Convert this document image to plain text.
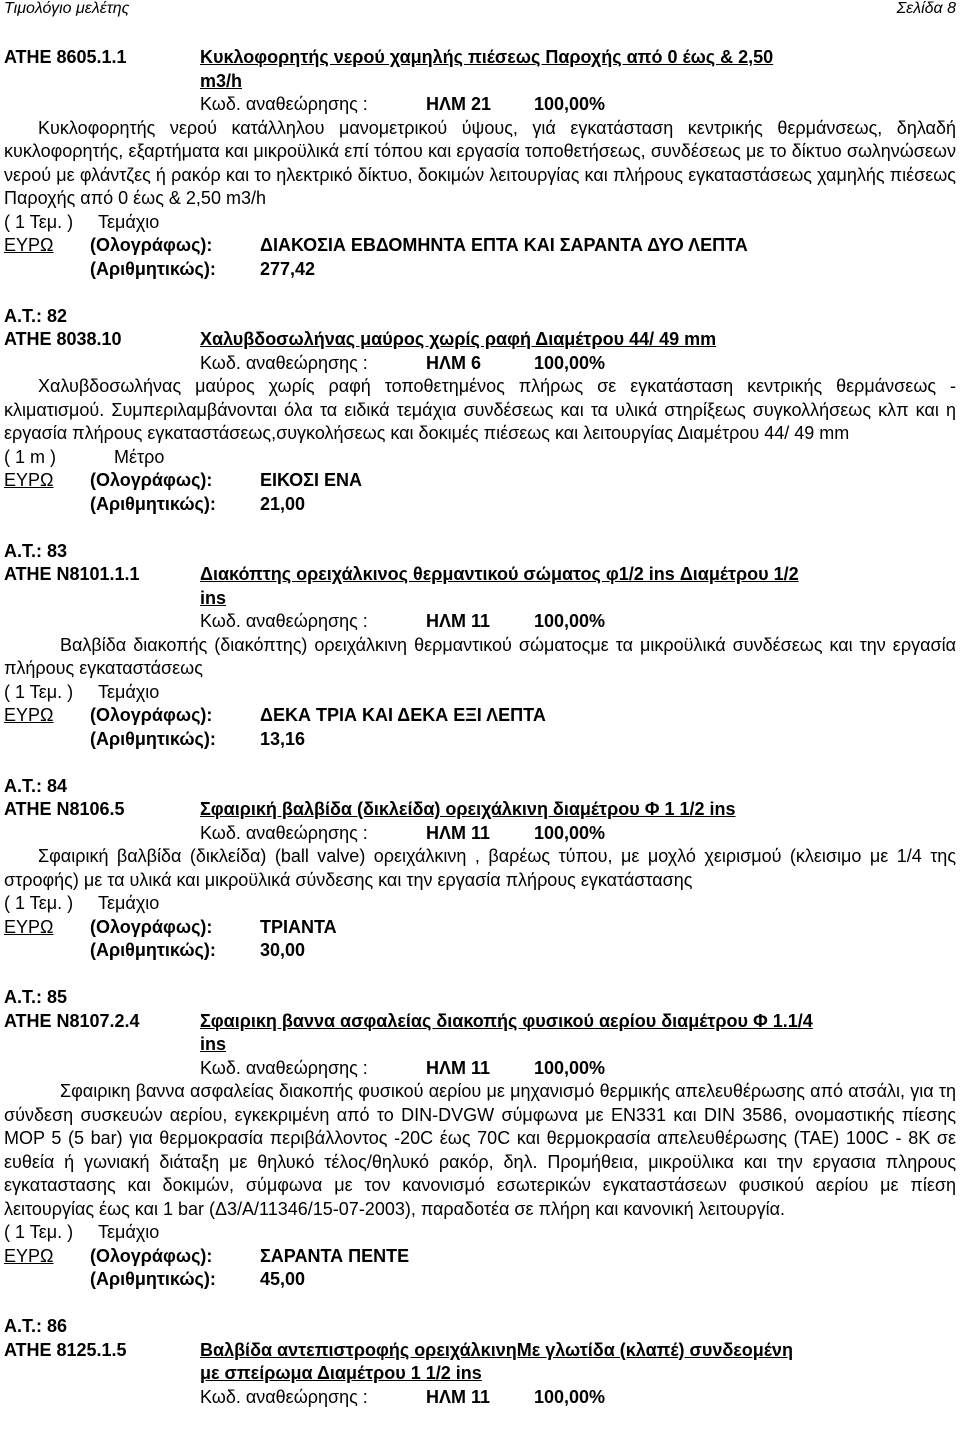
Τιμολόγιο μελέτης	Σελίδα 8
ΑΤΗΕ 8605.1.1	Κυκλοφορητής νερού χαμηλής πιέσεως Παροχής από 0 έως & 2,50
m3/h
Κωδ. αναθεώρησης :	ΗΛΜ 21 100,00%
Κυκλοφορητής νερού κατάλληλου μανομετρικού ύψους, γιά εγκατάσταση κεντρικής θερμάνσεως, δηλαδή κυκλοφορητής, εξαρτήματα και μικροϋλικά επί τόπου και εργασία τοποθετήσεως, συνδέσεως με το δίκτυο σωληνώσεων νερού με φλάντζες ή ρακόρ και το ηλεκτρικό δίκτυο, δοκιμών λειτουργίας και πλήρους εγκαταστάσεως χαμηλής πιέσεως Παροχής από 0 έως & 2,50 m3/h
( 1 Τεμ. ) Τεμάχιο
ΕΥΡΩ (Ολογράφως):	ΔΙΑΚΟΣΙΑ ΕΒΔΟΜΗΝΤΑ ΕΠΤΑ ΚΑΙ ΣΑΡΑΝΤΑ ΔΥΟ ΛΕΠΤΑ
(Αριθμητικώς): 277,42
Α.Τ.: 82
ΑΤΗΕ 8038.10	Χαλυβδοσωλήνας μαύρος χωρίς ραφή Διαμέτρου 44/ 49 mm
Κωδ. αναθεώρησης :	ΗΛΜ 6	100,00%
Χαλυβδοσωλήνας μαύρος χωρίς ραφή τοποθετημένος πλήρως σε εγκατάσταση κεντρικής θερμάνσεως - κλιματισμού. Συμπεριλαμβάνονται όλα τα ειδικά τεμάχια συνδέσεως και τα υλικά στηρίξεως συγκολλήσεως κλπ και η εργασία πλήρους εγκαταστάσεως,συγκολήσεως και δοκιμές πιέσεως και λειτουργίας Διαμέτρου 44/ 49 mm
( 1 m )	Μέτρο
ΕΥΡΩ (Ολογράφως):	ΕΙΚΟΣΙ ΕΝΑ
(Αριθμητικώς): 21,00
Α.Τ.: 83
ΑΤΗΕ Ν8101.1.1	Διακόπτης ορειχάλκινος θερμαντικού σώματος φ1/2 ins Διαμέτρου 1/2
ins
Κωδ. αναθεώρησης :	ΗΛΜ 11 100,00%
Βαλβίδα διακοπής (διακόπτης) ορειχάλκινη θερμαντικού σώματοςμε τα μικροϋλικά συνδέσεως και την εργασία πλήρους εγκαταστάσεως
( 1 Τεμ. ) Τεμάχιο
ΕΥΡΩ (Ολογράφως):	ΔΕΚΑ ΤΡΙΑ ΚΑΙ ΔΕΚΑ ΕΞΙ ΛΕΠΤΑ
(Αριθμητικώς): 13,16
Α.Τ.: 84
ΑΤΗΕ Ν8106.5	Σφαιρική βαλβίδα (δικλείδα) ορειχάλκινη διαμέτρου Φ 1 1/2 ins
Κωδ. αναθεώρησης :	ΗΛΜ 11 100,00%
Σφαιρική βαλβίδα (δικλείδα) (ball valve) ορειχάλκινη , βαρέως τύπου, με μοχλό χειρισμού (κλεισιμο με 1/4 της στροφής) με τα υλικά και μικροϋλικά σύνδεσης και την εργασία πλήρους εγκατάστασης
( 1 Τεμ. ) Τεμάχιο
ΕΥΡΩ (Ολογράφως):	ΤΡΙΑΝΤΑ
(Αριθμητικώς): 30,00
Α.Τ.: 85
ΑΤΗΕ Ν8107.2.4	Σφαιρικη βαννα ασφαλείας διακοπής φυσικού αερίου διαμέτρου Φ 1.1/4
ins
Κωδ. αναθεώρησης :	ΗΛΜ 11 100,00%
Σφαιρικη βαννα ασφαλείας διακοπής φυσικού αερίου με μηχανισμό θερμικής απελευθέρωσης από ατσάλι, για τη σύνδεση συσκευών αερίου, εγκεκριμένη από το DIN-DVGW σύμφωνα με EN331 και DIN 3586, ονομαστικής πίεσης MOP 5 (5 bar) για θερμοκρασία περιβάλλοντος -20C έως 70C και θερμοκρασία απελευθέρωσης (ΤΑΕ) 100C - 8K σε ευθεία ή γωνιακή διάταξη με θηλυκό τέλος/θηλυκό ρακόρ, δηλ. Προμήθεια, μικροϋλικα και την εργασια πληρους εγκαταστασης και δοκιμών, σύμφωνα με τον κανονισμό εσωτερικών εγκαταστάσεων φυσικού αερίου με πίεση λειτουργίας έως και 1 bar (Δ3/Α/11346/15-07-2003), παραδοτέα σε πλήρη και κανονική λειτουργία.
( 1 Τεμ. ) Τεμάχιο
ΕΥΡΩ (Ολογράφως):	ΣΑΡΑΝΤΑ ΠΕΝΤΕ
(Αριθμητικώς): 45,00
Α.Τ.: 86
ΑΤΗΕ 8125.1.5	Βαλβίδα αντεπιστροφής ορειχάλκινηΜε γλωτίδα (κλαπέ) συνδεομένη
με σπείρωμα Διαμέτρου 1 1/2 ins
Κωδ. αναθεώρησης :	ΗΛΜ 11 100,00%
